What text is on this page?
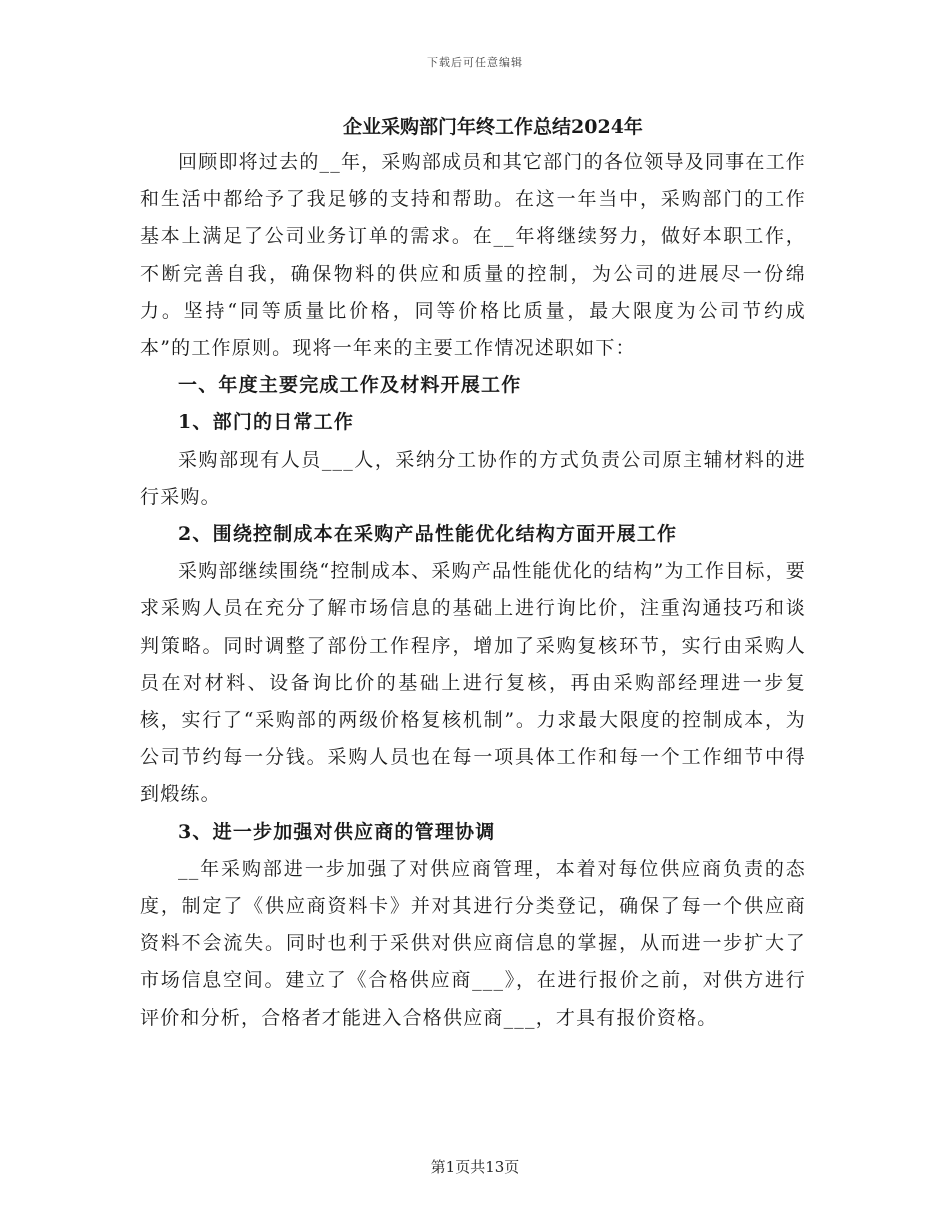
下载后可任意编辑
企业采购部门年终工作总结2024年

回顾即将过去的__年，采购部成员和其它部门的各位领导及同事在工作和生活中都给予了我足够的支持和帮助。在这一年当中，采购部门的工作基本上满足了公司业务订单的需求。在__年将继续努力，做好本职工作，不断完善自我，确保物料的供应和质量的控制，为公司的进展尽一份绵力。坚持“同等质量比价格，同等价格比质量，最大限度为公司节约成本”的工作原则。现将一年来的主要工作情况述职如下：

一、年度主要完成工作及材料开展工作

1、部门的日常工作

采购部现有人员___人，采纳分工协作的方式负责公司原主辅材料的进行采购。

2、围绕控制成本在采购产品性能优化结构方面开展工作

采购部继续围绕“控制成本、采购产品性能优化的结构”为工作目标，要求采购人员在充分了解市场信息的基础上进行询比价，注重沟通技巧和谈判策略。同时调整了部份工作程序，增加了采购复核环节，实行由采购人员在对材料、设备询比价的基础上进行复核，再由采购部经理进一步复核，实行了“采购部的两级价格复核机制”。力求最大限度的控制成本，为公司节约每一分钱。采购人员也在每一项具体工作和每一个工作细节中得到煅练。

3、进一步加强对供应商的管理协调

__年采购部进一步加强了对供应商管理，本着对每位供应商负责的态度，制定了《供应商资料卡》并对其进行分类登记，确保了每一个供应商资料不会流失。同时也利于采供对供应商信息的掌握，从而进一步扩大了市场信息空间。建立了《合格供应商___》，在进行报价之前，对供方进行评价和分析，合格者才能进入合格供应商___，才具有报价资格。

第1页共13页
